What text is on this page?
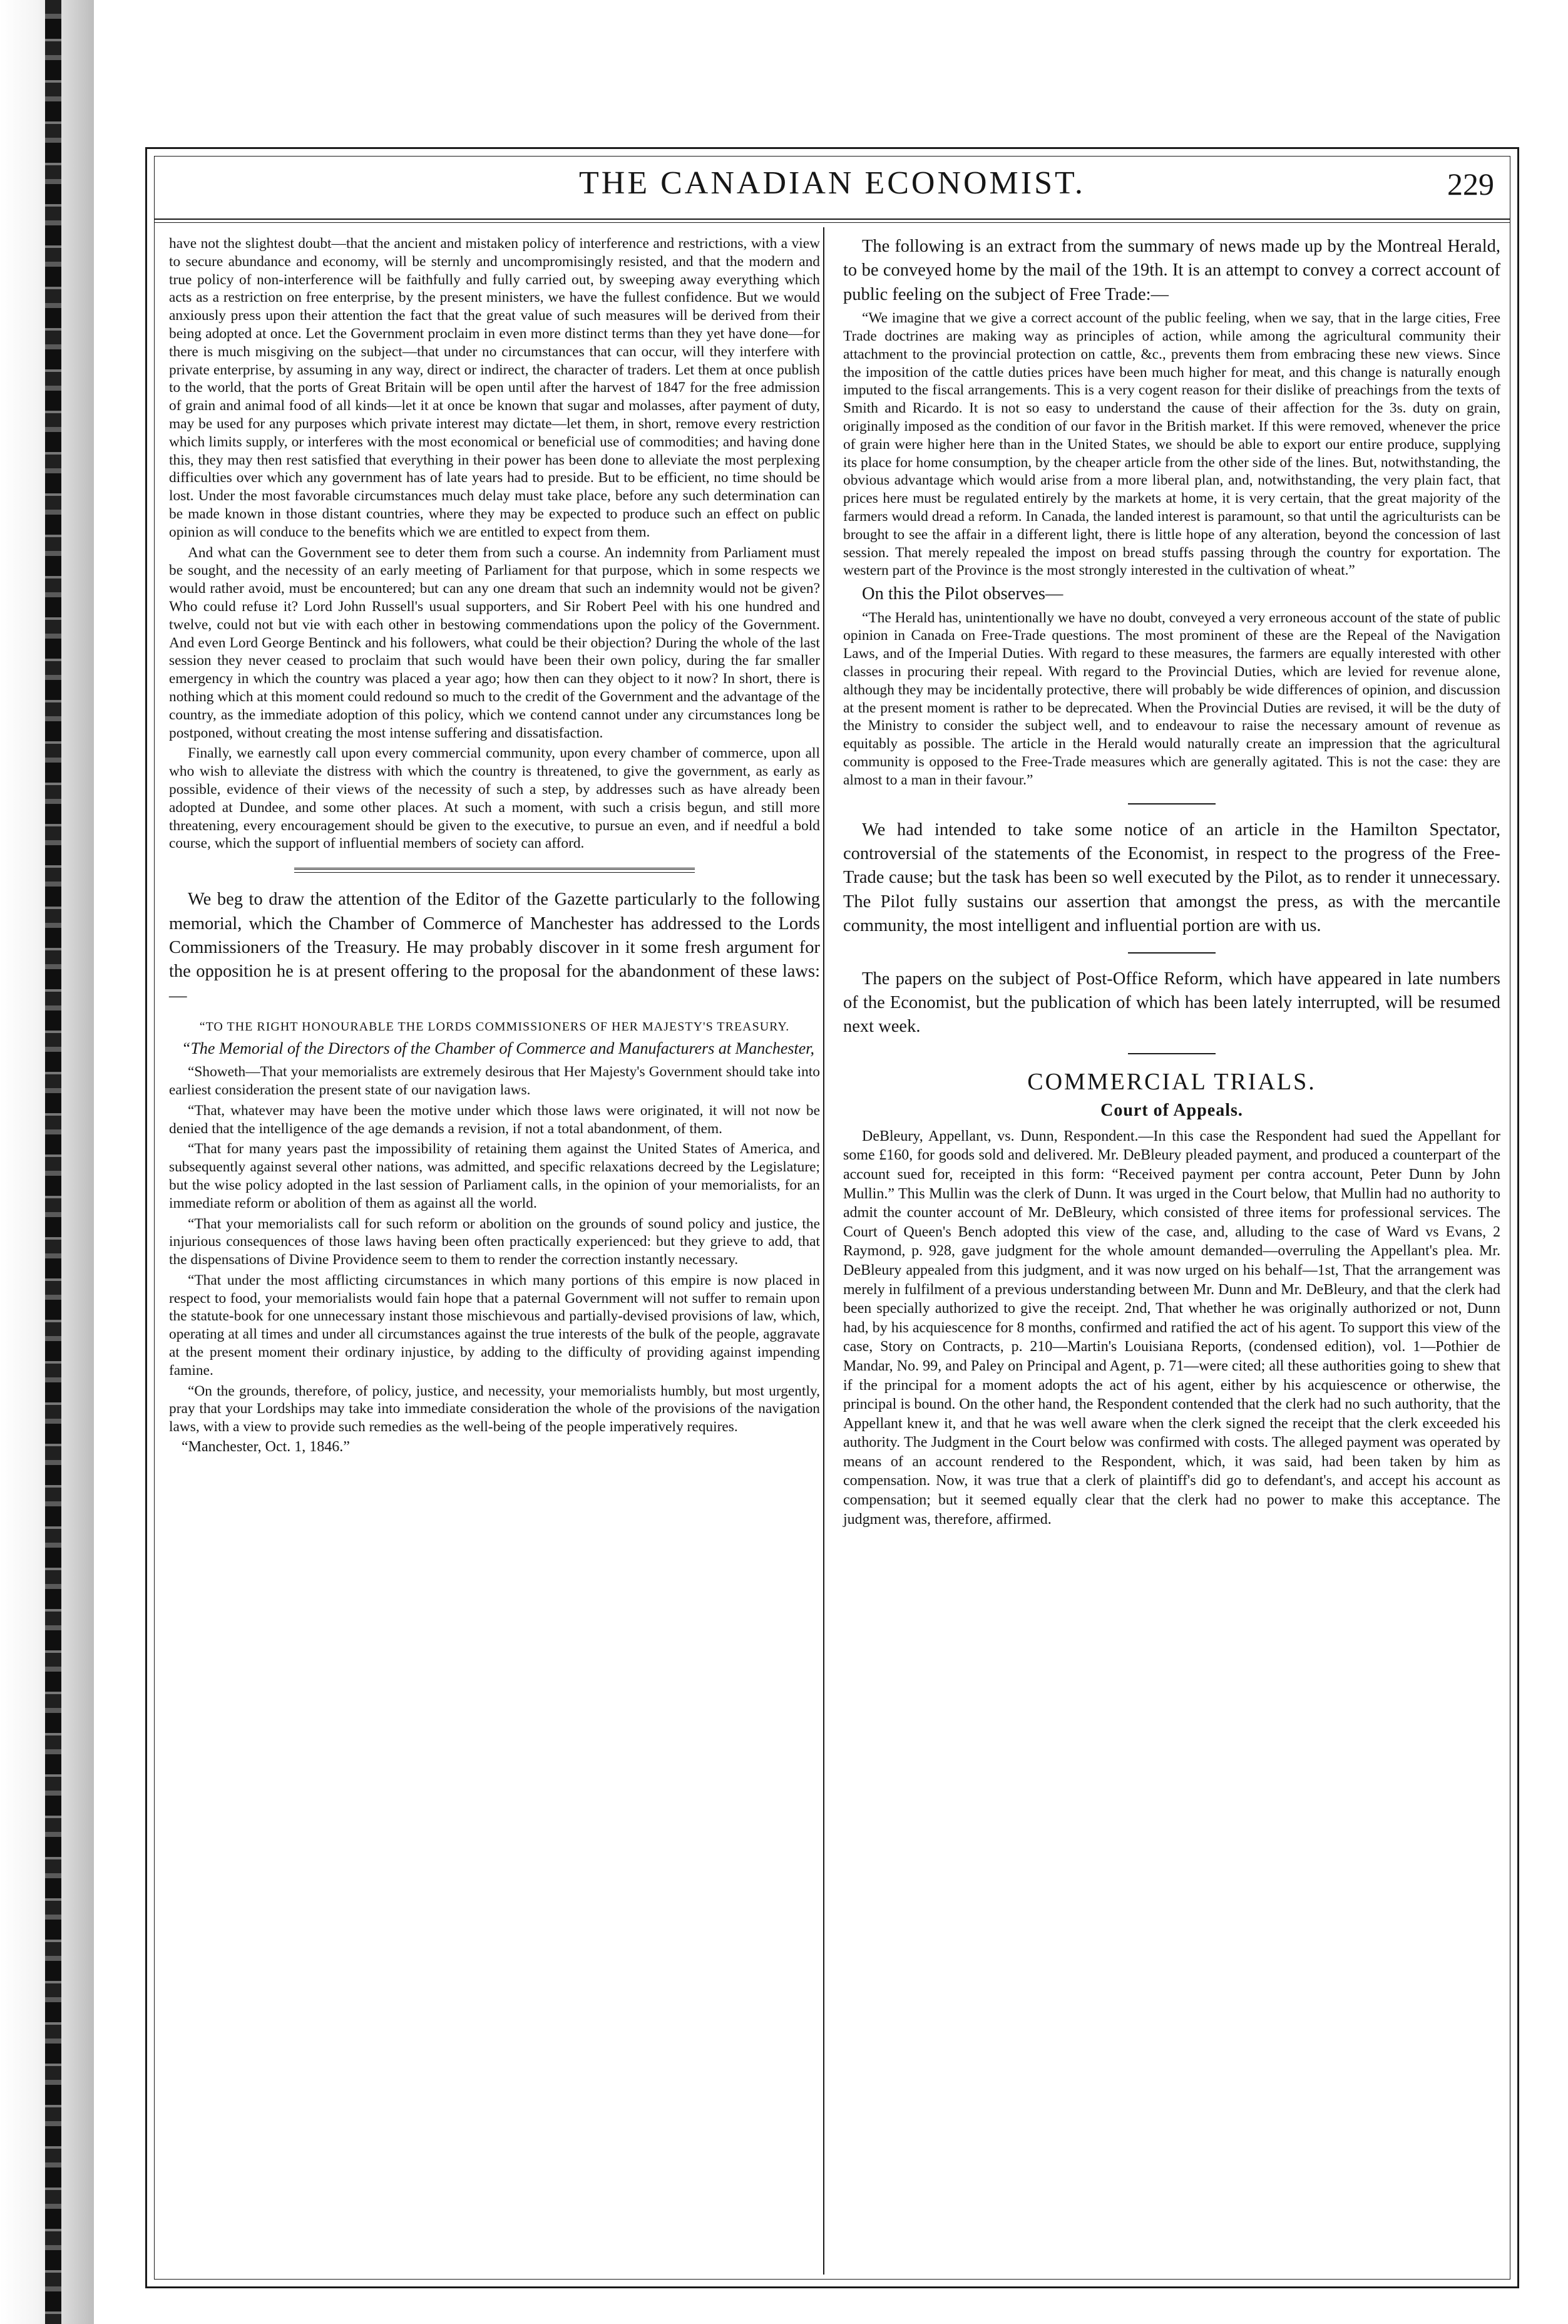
THE CANADIAN ECONOMIST.	229

have not the slightest doubt—that the ancient and mistaken policy of interference and restrictions, with a view to secure abundance and economy, will be sternly and uncompromisingly resisted, and that the modern and true policy of non-interference will be faithfully and fully carried out, by sweeping away everything which acts as a restriction on free enterprise, by the present ministers, we have the fullest confidence. But we would anxiously press upon their attention the fact that the great value of such measures will be derived from their being adopted at once. Let the Government proclaim in even more distinct terms than they yet have done—for there is much misgiving on the subject—that under no circumstances that can occur, will they interfere with private enterprise, by assuming in any way, direct or indirect, the character of traders. Let them at once publish to the world, that the ports of Great Britain will be open until after the harvest of 1847 for the free admission of grain and animal food of all kinds—let it at once be known that sugar and molasses, after payment of duty, may be used for any purposes which private interest may dictate—let them, in short, remove every restriction which limits supply, or interferes with the most economical or beneficial use of commodities; and having done this, they may then rest satisfied that everything in their power has been done to alleviate the most perplexing difficulties over which any government has of late years had to preside. But to be efficient, no time should be lost. Under the most favorable circumstances much delay must take place, before any such determination can be made known in those distant countries, where they may be expected to produce such an effect on public opinion as will conduce to the benefits which we are entitled to expect from them.

And what can the Government see to deter them from such a course. An indemnity from Parliament must be sought, and the necessity of an early meeting of Parliament for that purpose, which in some respects we would rather avoid, must be encountered; but can any one dream that such an indemnity would not be given? Who could refuse it? Lord John Russell's usual supporters, and Sir Robert Peel with his one hundred and twelve, could not but vie with each other in bestowing commendations upon the policy of the Government. And even Lord George Bentinck and his followers, what could be their objection? During the whole of the last session they never ceased to proclaim that such would have been their own policy, during the far smaller emergency in which the country was placed a year ago; how then can they object to it now? In short, there is nothing which at this moment could redound so much to the credit of the Government and the advantage of the country, as the immediate adoption of this policy, which we contend cannot under any circumstances long be postponed, without creating the most intense suffering and dissatisfaction.

Finally, we earnestly call upon every commercial community, upon every chamber of commerce, upon all who wish to alleviate the distress with which the country is threatened, to give the government, as early as possible, evidence of their views of the necessity of such a step, by addresses such as have already been adopted at Dundee, and some other places. At such a moment, with such a crisis begun, and still more threatening, every encouragement should be given to the executive, to pursue an even, and if needful a bold course, which the support of influential members of society can afford.

We beg to draw the attention of the Editor of the Gazette particularly to the following memorial, which the Chamber of Commerce of Manchester has addressed to the Lords Commissioners of the Treasury. He may probably discover in it some fresh argument for the opposition he is at present offering to the proposal for the abandonment of these laws:—

“TO THE RIGHT HONOURABLE THE LORDS COMMISSIONERS OF HER MAJESTY'S TREASURY.

“The Memorial of the Directors of the Chamber of Commerce and Manufacturers at Manchester,

“Showeth—That your memorialists are extremely desirous that Her Majesty's Government should take into earliest consideration the present state of our navigation laws.

“That, whatever may have been the motive under which those laws were originated, it will not now be denied that the intelligence of the age demands a revision, if not a total abandonment, of them.

“That for many years past the impossibility of retaining them against the United States of America, and subsequently against several other nations, was admitted, and specific relaxations decreed by the Legislature; but the wise policy adopted in the last session of Parliament calls, in the opinion of your memorialists, for an immediate reform or abolition of them as against all the world.

“That your memorialists call for such reform or abolition on the grounds of sound policy and justice, the injurious consequences of those laws having been often practically experienced: but they grieve to add, that the dispensations of Divine Providence seem to them to render the correction instantly necessary.

“That under the most afflicting circumstances in which many portions of this empire is now placed in respect to food, your memorialists would fain hope that a paternal Government will not suffer to remain upon the statute-book for one unnecessary instant those mischievous and partially-devised provisions of law, which, operating at all times and under all circumstances against the true interests of the bulk of the people, aggravate at the present moment their ordinary injustice, by adding to the difficulty of providing against impending famine.

“On the grounds, therefore, of policy, justice, and necessity, your memorialists humbly, but most urgently, pray that your Lordships may take into immediate consideration the whole of the provisions of the navigation laws, with a view to provide such remedies as the well-being of the people imperatively requires.

“Manchester, Oct. 1, 1846.”

The following is an extract from the summary of news made up by the Montreal Herald, to be conveyed home by the mail of the 19th. It is an attempt to convey a correct account of public feeling on the subject of Free Trade:—

“We imagine that we give a correct account of the public feeling, when we say, that in the large cities, Free Trade doctrines are making way as principles of action, while among the agricultural community their attachment to the provincial protection on cattle, &c., prevents them from embracing these new views. Since the imposition of the cattle duties prices have been much higher for meat, and this change is naturally enough imputed to the fiscal arrangements. This is a very cogent reason for their dislike of preachings from the texts of Smith and Ricardo. It is not so easy to understand the cause of their affection for the 3s. duty on grain, originally imposed as the condition of our favor in the British market. If this were removed, whenever the price of grain were higher here than in the United States, we should be able to export our entire produce, supplying its place for home consumption, by the cheaper article from the other side of the lines. But, notwithstanding, the obvious advantage which would arise from a more liberal plan, and, notwithstanding, the very plain fact, that prices here must be regulated entirely by the markets at home, it is very certain, that the great majority of the farmers would dread a reform. In Canada, the landed interest is paramount, so that until the agriculturists can be brought to see the affair in a different light, there is little hope of any alteration, beyond the concession of last session. That merely repealed the impost on bread stuffs passing through the country for exportation. The western part of the Province is the most strongly interested in the cultivation of wheat.”

On this the Pilot observes—

“The Herald has, unintentionally we have no doubt, conveyed a very erroneous account of the state of public opinion in Canada on Free-Trade questions. The most prominent of these are the Repeal of the Navigation Laws, and of the Imperial Duties. With regard to these measures, the farmers are equally interested with other classes in procuring their repeal. With regard to the Provincial Duties, which are levied for revenue alone, although they may be incidentally protective, there will probably be wide differences of opinion, and discussion at the present moment is rather to be deprecated. When the Provincial Duties are revised, it will be the duty of the Ministry to consider the subject well, and to endeavour to raise the necessary amount of revenue as equitably as possible. The article in the Herald would naturally create an impression that the agricultural community is opposed to the Free-Trade measures which are generally agitated. This is not the case: they are almost to a man in their favour.”

We had intended to take some notice of an article in the Hamilton Spectator, controversial of the statements of the Economist, in respect to the progress of the Free-Trade cause; but the task has been so well executed by the Pilot, as to render it unnecessary. The Pilot fully sustains our assertion that amongst the press, as with the mercantile community, the most intelligent and influential portion are with us.

The papers on the subject of Post-Office Reform, which have appeared in late numbers of the Economist, but the publication of which has been lately interrupted, will be resumed next week.

COMMERCIAL TRIALS.

Court of Appeals.

DeBleury, Appellant, vs. Dunn, Respondent.—In this case the Respondent had sued the Appellant for some £160, for goods sold and delivered. Mr. DeBleury pleaded payment, and produced a counterpart of the account sued for, receipted in this form: “Received payment per contra account, Peter Dunn by John Mullin.” This Mullin was the clerk of Dunn. It was urged in the Court below, that Mullin had no authority to admit the counter account of Mr. DeBleury, which consisted of three items for professional services. The Court of Queen's Bench adopted this view of the case, and, alluding to the case of Ward vs Evans, 2 Raymond, p. 928, gave judgment for the whole amount demanded—overruling the Appellant's plea. Mr. DeBleury appealed from this judgment, and it was now urged on his behalf—1st, That the arrangement was merely in fulfilment of a previous understanding between Mr. Dunn and Mr. DeBleury, and that the clerk had been specially authorized to give the receipt. 2nd, That whether he was originally authorized or not, Dunn had, by his acquiescence for 8 months, confirmed and ratified the act of his agent. To support this view of the case, Story on Contracts, p. 210—Martin's Louisiana Reports, (condensed edition), vol. 1—Pothier de Mandar, No. 99, and Paley on Principal and Agent, p. 71—were cited; all these authorities going to shew that if the principal for a moment adopts the act of his agent, either by his acquiescence or otherwise, the principal is bound. On the other hand, the Respondent contended that the clerk had no such authority, that the Appellant knew it, and that he was well aware when the clerk signed the receipt that the clerk exceeded his authority. The Judgment in the Court below was confirmed with costs. The alleged payment was operated by means of an account rendered to the Respondent, which, it was said, had been taken by him as compensation. Now, it was true that a clerk of plaintiff's did go to defendant's, and accept his account as compensation; but it seemed equally clear that the clerk had no power to make this acceptance. The judgment was, therefore, affirmed.
